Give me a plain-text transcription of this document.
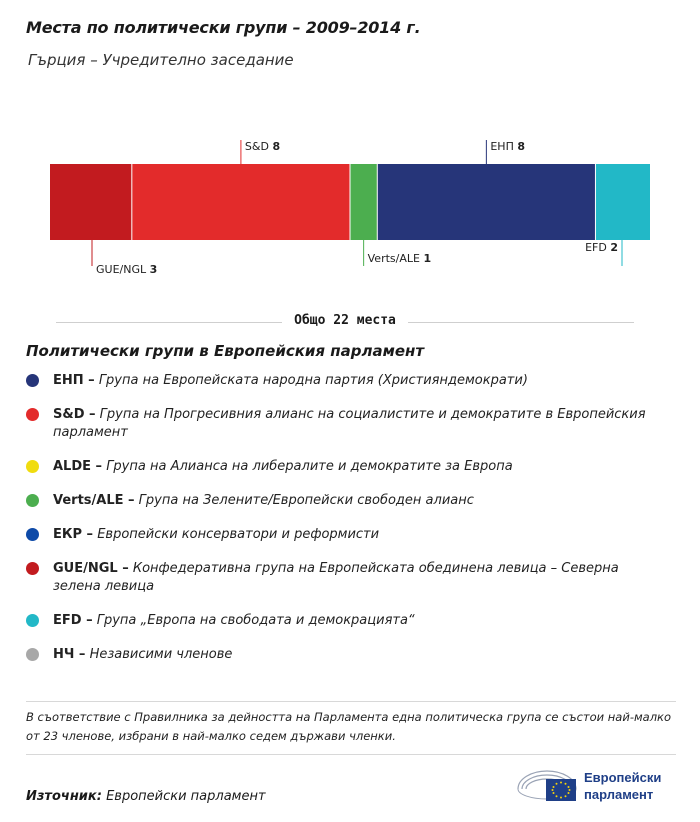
Места по политически групи – 2009–2014 г.
Гърция – Учредително заседание
GUE/NGL 3
S&D 8
Verts/ALE 1
ЕНП 8
EFD 2
Общо 22 места
Политически групи в Европейския парламент
ЕНП – Група на Европейската народна партия (Християндемократи)
S&D – Група на Прогресивния алианс на социалистите и демократите в Европейския парламент
ALDE – Група на Алианса на либералите и демократите за Европа
Verts/ALE – Група на Зелените/Европейски свободен алианс
ЕКР – Европейски консерватори и реформисти
GUE/NGL – Конфедеративна група на Европейската обединена левица – Северна зелена левица
EFD – Група „Европа на свободата и демокрацията“
НЧ – Независими членове
В съответствие с Правилника за дейността на Парламента една политическа група се състои най-малко от 23 членове, избрани в най-малко седем държави членки.
Източник: Европейски парламент
Европейски
парламент
